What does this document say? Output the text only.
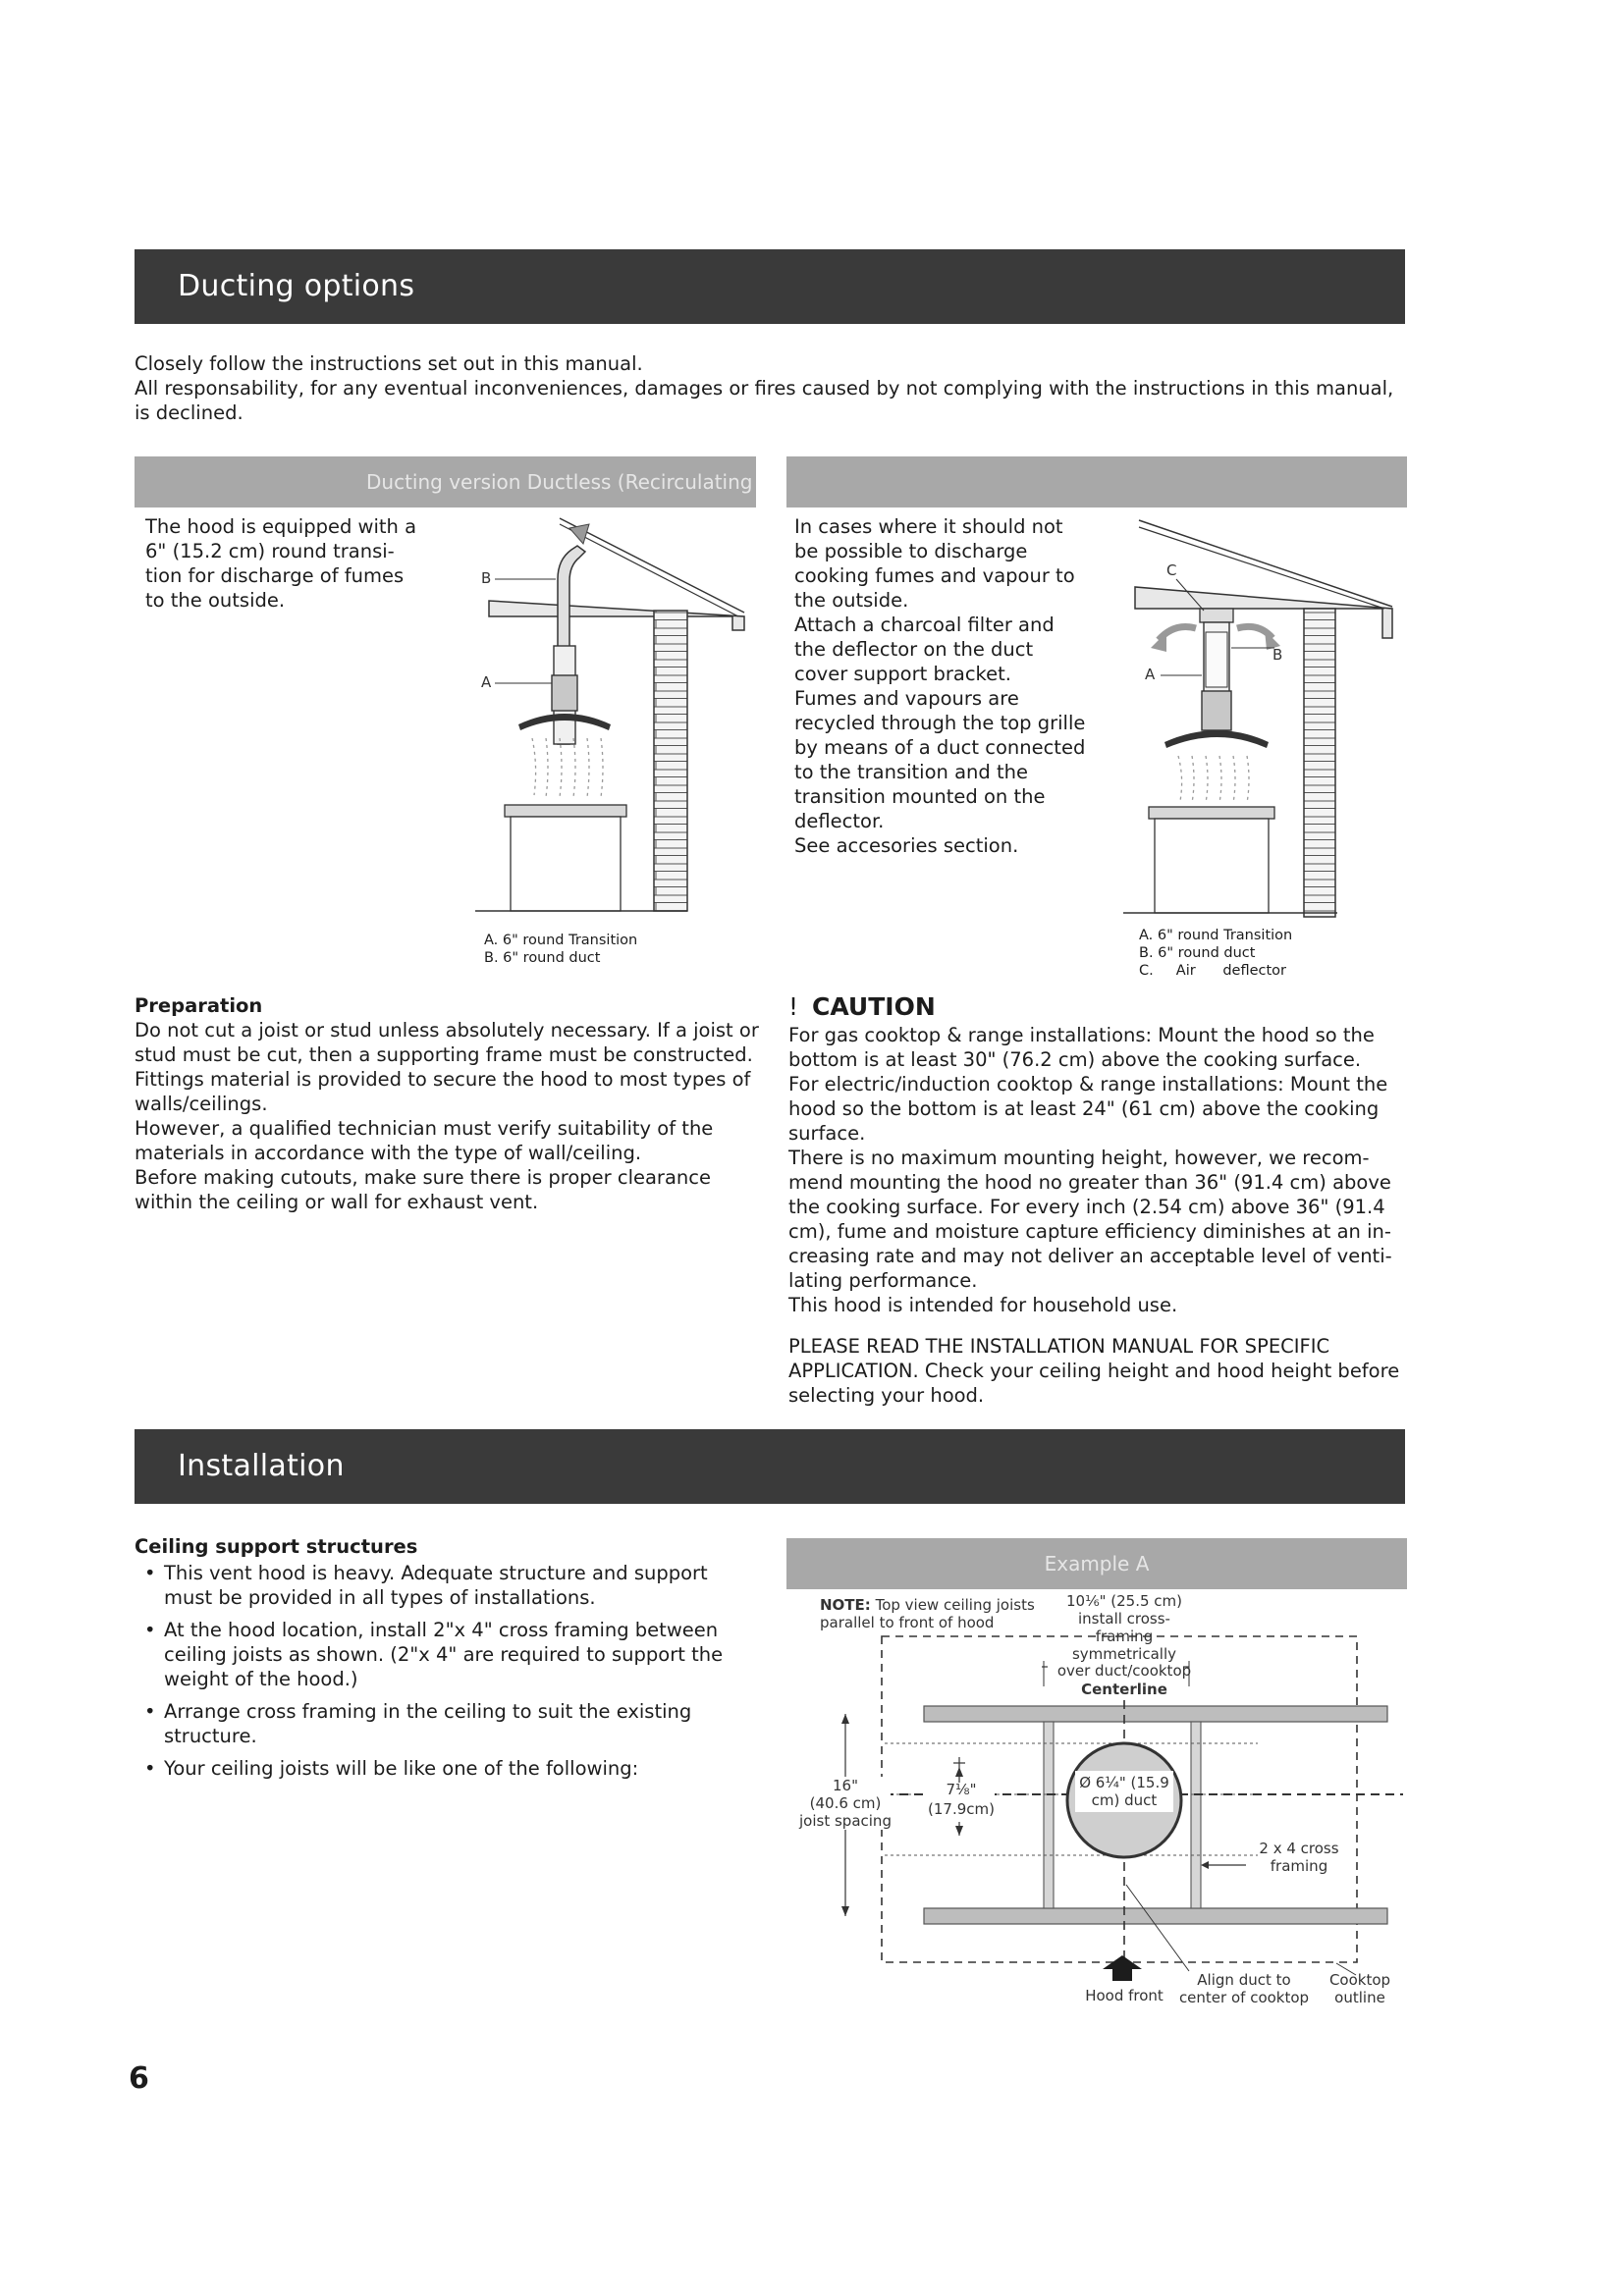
Ducting options

Closely follow the instructions set out in this manual.

All responsability, for any eventual inconveniences, damages or fires caused by not complying with the instructions in this manual, is declined.

Ducting version Ductless (Recirculating

The hood is equipped with a 6" (15.2 cm) round transi-tion for discharge of fumes to the outside.

B
A
A. 6" round Transition
B. 6" round duct

In cases where it should not be possible to discharge cooking fumes and vapour to the outside.

Attach a charcoal filter and the deflector on the duct cover support bracket.

Fumes and vapours are recycled through the top grille by means of a duct connected to the transition and the transition mounted on the deflector.

See accesories section.

C
B
A
A. 6" round Transition
B. 6" round duct
C.     Air      deflector

Preparation

Do not cut a joist or stud unless absolutely necessary. If a joist or stud must be cut, then a supporting frame must be constructed.

Fittings material is provided to secure the hood to most types of walls/ceilings.

However, a qualified technician must verify suitability of the materials in accordance with the type of wall/ceiling.

Before making cutouts, make sure there is proper clearance within the ceiling or wall for exhaust vent.

! CAUTION

For gas cooktop & range installations: Mount the hood so the bottom is at least 30" (76.2 cm) above the cooking surface.

For electric/induction cooktop & range installations: Mount the hood so the bottom is at least 24" (61 cm) above the cooking surface.

There is no maximum mounting height, however, we recom-mend mounting the hood no greater than 36" (91.4 cm) above the cooking surface. For every inch (2.54 cm) above 36" (91.4 cm), fume and moisture capture efficiency diminishes at an in-creasing rate and may not deliver an acceptable level of venti-lating performance.

This hood is intended for household use.

PLEASE READ THE INSTALLATION MANUAL FOR SPECIFIC APPLICATION. Check your ceiling height and hood height before selecting your hood.

Installation

Ceiling support structures

• This vent hood is heavy. Adequate structure and support must be provided in all types of installations.
• At the hood location, install 2"x 4" cross framing between ceiling joists as shown. (2"x 4" are required to support the weight of the hood.)
• Arrange cross framing in the ceiling to suit the existing structure.
• Your ceiling joists will be like one of the following:
Example A
NOTE: Top view ceiling joists
parallel to front of hood
10⅙" (25.5 cm)
install cross-
framing
symmetrically
over duct/cooktop
Centerline
Ø 6¼" (15.9
cm) duct
16"
(40.6 cm)
joist spacing
7⅛"
(17.9cm)
2 x 4 cross
framing
Hood front
Align duct to
center of cooktop
Cooktop
outline
6
